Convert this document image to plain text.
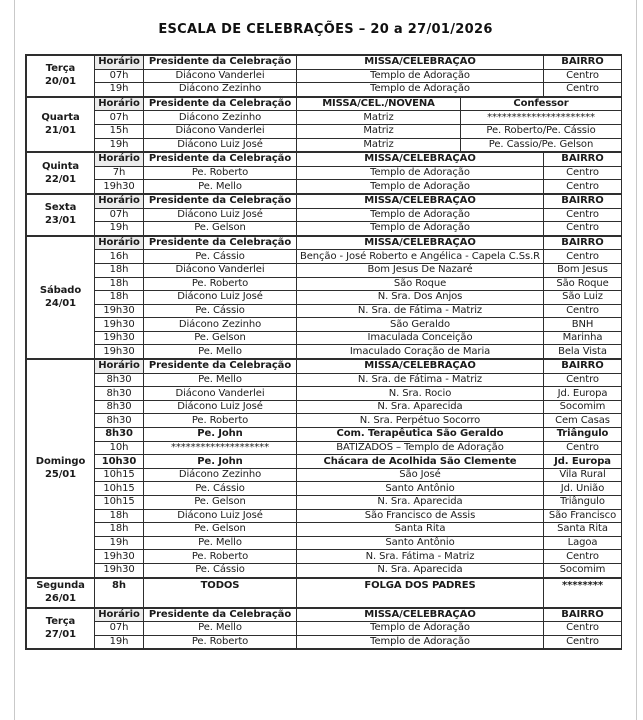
ESCALA DE CELEBRAÇÕES – 20 a 27/01/2026
Terça
20/01	Horário	Presidente da Celebração	MISSA/CELEBRAÇÃO	BAIRRO
	07h	Diácono Vanderlei	Templo de Adoração	Centro
	19h	Diácono Zezinho	Templo de Adoração	Centro
Quarta
21/01	Horário	Presidente da Celebração	MISSA/CEL./NOVENA	Confessor
	07h	Diácono Zezinho	Matriz	**********************
	15h	Diácono Vanderlei	Matriz	Pe. Roberto/Pe. Cássio
	19h	Diácono Luiz José	Matriz	Pe. Cassio/Pe. Gelson
Quinta
22/01	Horário	Presidente da Celebração	MISSA/CELEBRAÇÃO	BAIRRO
	7h	Pe. Roberto	Templo de Adoração	Centro
	19h30	Pe. Mello	Templo de Adoração	Centro
Sexta
23/01	Horário	Presidente da Celebração	MISSA/CELEBRAÇÃO	BAIRRO
	07h	Diácono Luiz José	Templo de Adoração	Centro
	19h	Pe. Gelson	Templo de Adoração	Centro
Sábado
24/01	Horário	Presidente da Celebração	MISSA/CELEBRAÇÃO	BAIRRO
	16h	Pe. Cássio	Benção - José Roberto e Angélica - Capela C.Ss.R	Centro
	18h	Diácono Vanderlei	Bom Jesus De Nazaré	Bom Jesus
	18h	Pe. Roberto	São Roque	São Roque
	18h	Diácono Luiz José	N. Sra. Dos Anjos	São Luiz
	19h30	Pe. Cássio	N. Sra. de Fátima - Matriz	Centro
	19h30	Diácono Zezinho	São Geraldo	BNH
	19h30	Pe. Gelson	Imaculada Conceição	Marinha
	19h30	Pe. Mello	Imaculado Coração de Maria	Bela Vista
Domingo
25/01	Horário	Presidente da Celebração	MISSA/CELEBRAÇÃO	BAIRRO
	8h30	Pe. Mello	N. Sra. de Fátima - Matriz	Centro
	8h30	Diácono Vanderlei	N. Sra. Rocio	Jd. Europa
	8h30	Diácono Luiz José	N. Sra. Aparecida	Socomim
	8h30	Pe. Roberto	N. Sra. Perpétuo Socorro	Cem Casas
	8h30	Pe. John	Com. Terapêutica São Geraldo	Triângulo
	10h	********************	BATIZADOS – Templo de Adoração	Centro
	10h30	Pe. John	Chácara de Acolhida São Clemente	Jd. Europa
	10h15	Diácono Zezinho	São José	Vila Rural
	10h15	Pe. Cássio	Santo Antônio	Jd. União
	10h15	Pe. Gelson	N. Sra. Aparecida	Triângulo
	18h	Diácono Luiz José	São Francisco de Assis	São Francisco
	18h	Pe. Gelson	Santa Rita	Santa Rita
	19h	Pe. Mello	Santo Antônio	Lagoa
	19h30	Pe. Roberto	N. Sra. Fátima - Matriz	Centro
	19h30	Pe. Cássio	N. Sra. Aparecida	Socomim
Segunda
26/01
	8h	TODOS	FOLGA DOS PADRES	********
Terça
27/01	Horário	Presidente da Celebração	MISSA/CELEBRAÇÃO	BAIRRO
	07h	Pe. Mello	Templo de Adoração	Centro
	19h	Pe. Roberto	Templo de Adoração	Centro
